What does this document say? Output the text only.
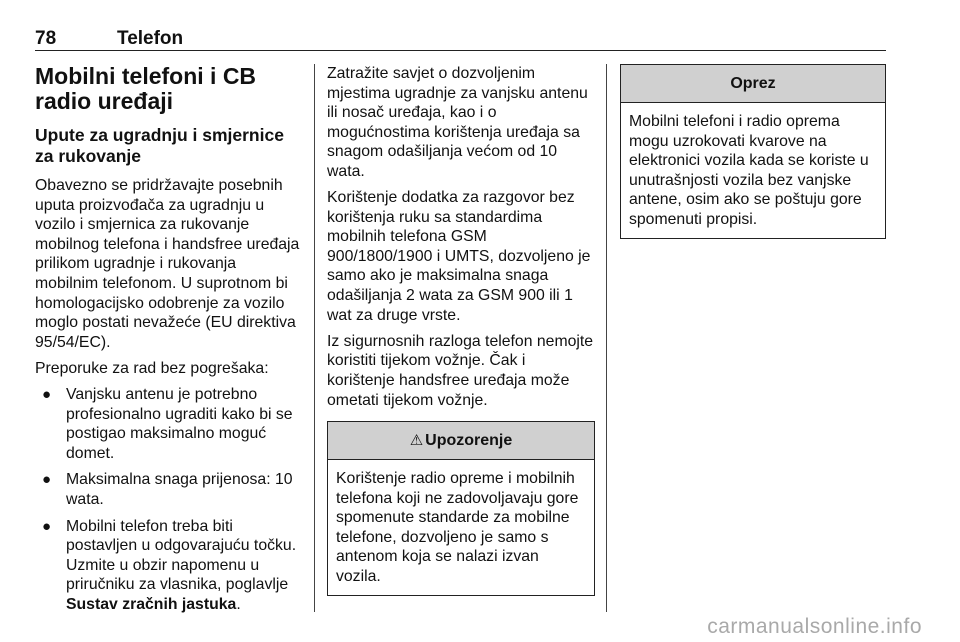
78	Telefon
Mobilni telefoni i CB radio uređaji
Upute za ugradnju i smjernice za rukovanje

Obavezno se pridržavajte posebnih uputa proizvođača za ugradnju u vozilo i smjernica za rukovanje mobilnog telefona i handsfree uređaja prilikom ugradnje i rukovanja mobilnim telefonom. U suprotnom bi homologacijsko odobrenje za vozilo moglo postati nevažeće (EU direktiva 95/54/EC).

Preporuke za rad bez pogrešaka:

● Vanjsku antenu je potrebno profesionalno ugraditi kako bi se postigao maksimalno moguć domet.
● Maksimalna snaga prijenosa: 10 wata.
● Mobilni telefon treba biti postavljen u odgovarajuću točku. Uzmite u obzir napomenu u priručniku za vlasnika, poglavlje Sustav zračnih jastuka.

Zatražite savjet o dozvoljenim mjestima ugradnje za vanjsku antenu ili nosač uređaja, kao i o mogućnostima korištenja uređaja sa snagom odašiljanja većom od 10 wata.

Korištenje dodatka za razgovor bez korištenja ruku sa standardima mobilnih telefona GSM 900/1800/1900 i UMTS, dozvoljeno je samo ako je maksimalna snaga odašiljanja 2 wata za GSM 900 ili 1 wat za druge vrste.

Iz sigurnosnih razloga telefon nemojte koristiti tijekom vožnje. Čak i korištenje handsfree uređaja može ometati tijekom vožnje.

⚠ Upozorenje
Korištenje radio opreme i mobilnih telefona koji ne zadovoljavaju gore spomenute standarde za mobilne telefone, dozvoljeno je samo s antenom koja se nalazi izvan vozila.
Oprez
Mobilni telefoni i radio oprema mogu uzrokovati kvarove na elektronici vozila kada se koriste u unutrašnjosti vozila bez vanjske antene, osim ako se poštuju gore spomenuti propisi.
carmanualsonline.info
